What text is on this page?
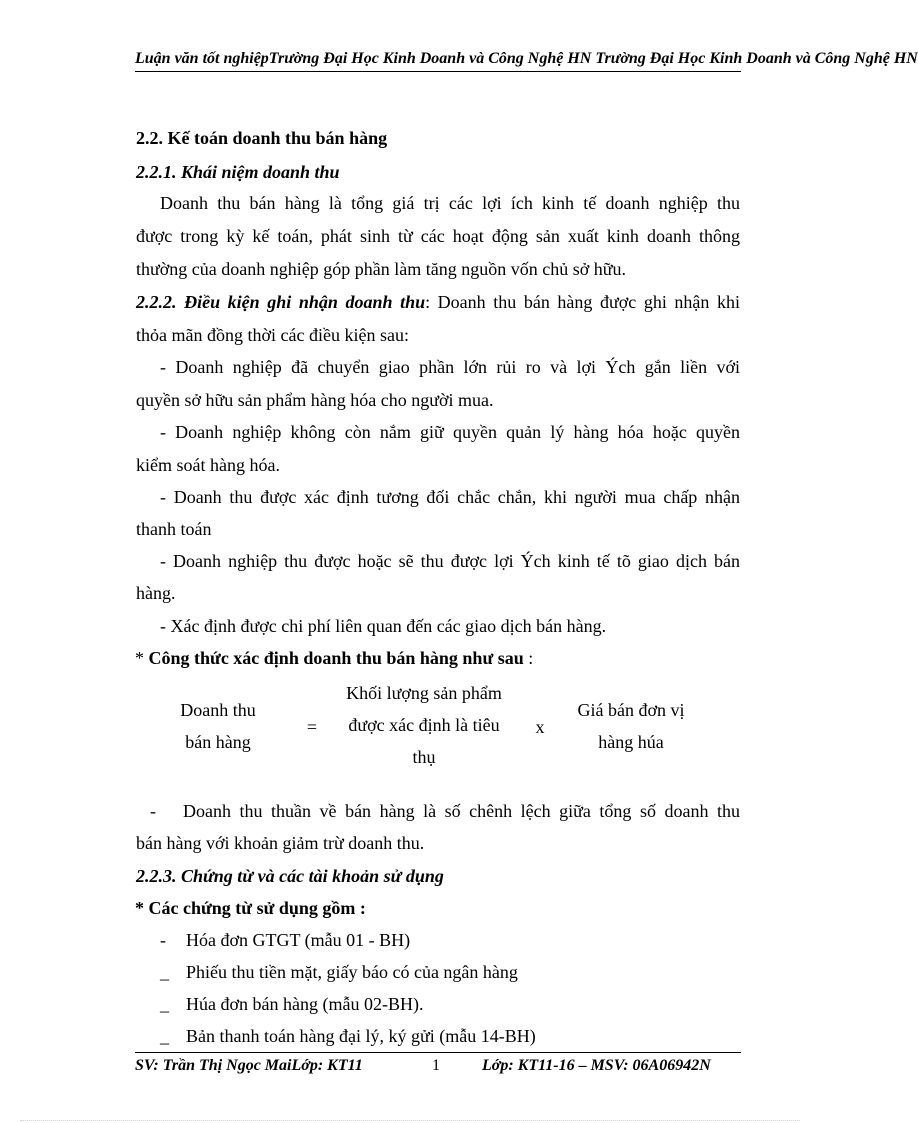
Luận văn tốt nghiệpTrường Đại Học Kinh Doanh và Công Nghệ HN Trường Đại Học Kinh Doanh và Công Nghệ HN
2.2. Kế toán doanh thu bán hàng
2.2.1. Khái niệm doanh thu
Doanh thu bán hàng là tổng giá trị các lợi ích kinh tế doanh nghiệp thu
được trong kỳ kế toán, phát sinh từ các hoạt động sản xuất kinh doanh thông
thường của doanh nghiệp góp phần làm tăng nguồn vốn chủ sở hữu.
2.2.2. Điều kiện ghi nhận doanh thu: Doanh thu bán hàng được ghi nhận khi
thỏa mãn đồng thời các điều kiện sau:
- Doanh nghiệp đã chuyển giao phần lớn rủi ro và lợi Ých gắn liền với
quyền sở hữu sản phẩm hàng hóa cho người mua.
- Doanh nghiệp không còn nắm giữ quyền quản lý hàng hóa hoặc quyền
kiểm soát hàng hóa.
- Doanh thu được xác định tương đối chắc chắn, khi người mua chấp nhận
thanh toán
- Doanh nghiệp thu được hoặc sẽ thu được lợi Ých kinh tế tõ giao dịch bán
hàng.
- Xác định được chi phí liên quan đến các giao dịch bán hàng.
* Công thức xác định doanh thu bán hàng như sau :
Doanh thu
bán hàng
=
Khối lượng sản phẩm
được xác định là tiêu
thụ
x
Giá bán đơn vị
hàng húa
- Doanh thu thuần về bán hàng là số chênh lệch giữa tổng số doanh thu
bán hàng với khoản giảm trừ doanh thu.
2.2.3. Chứng từ và các tài khoản sử dụng
* Các chứng từ sử dụng gồm :
- Hóa đơn GTGT (mẫu 01 - BH)
_ Phiếu thu tiền mặt, giấy báo có của ngân hàng
_ Húa đơn bán hàng (mẫu 02-BH).
_ Bản thanh toán hàng đại lý, ký gửi (mẫu 14-BH)
SV: Trần Thị Ngọc MaiLớp: KT11	1	Lớp: KT11-16 – MSV: 06A06942N
